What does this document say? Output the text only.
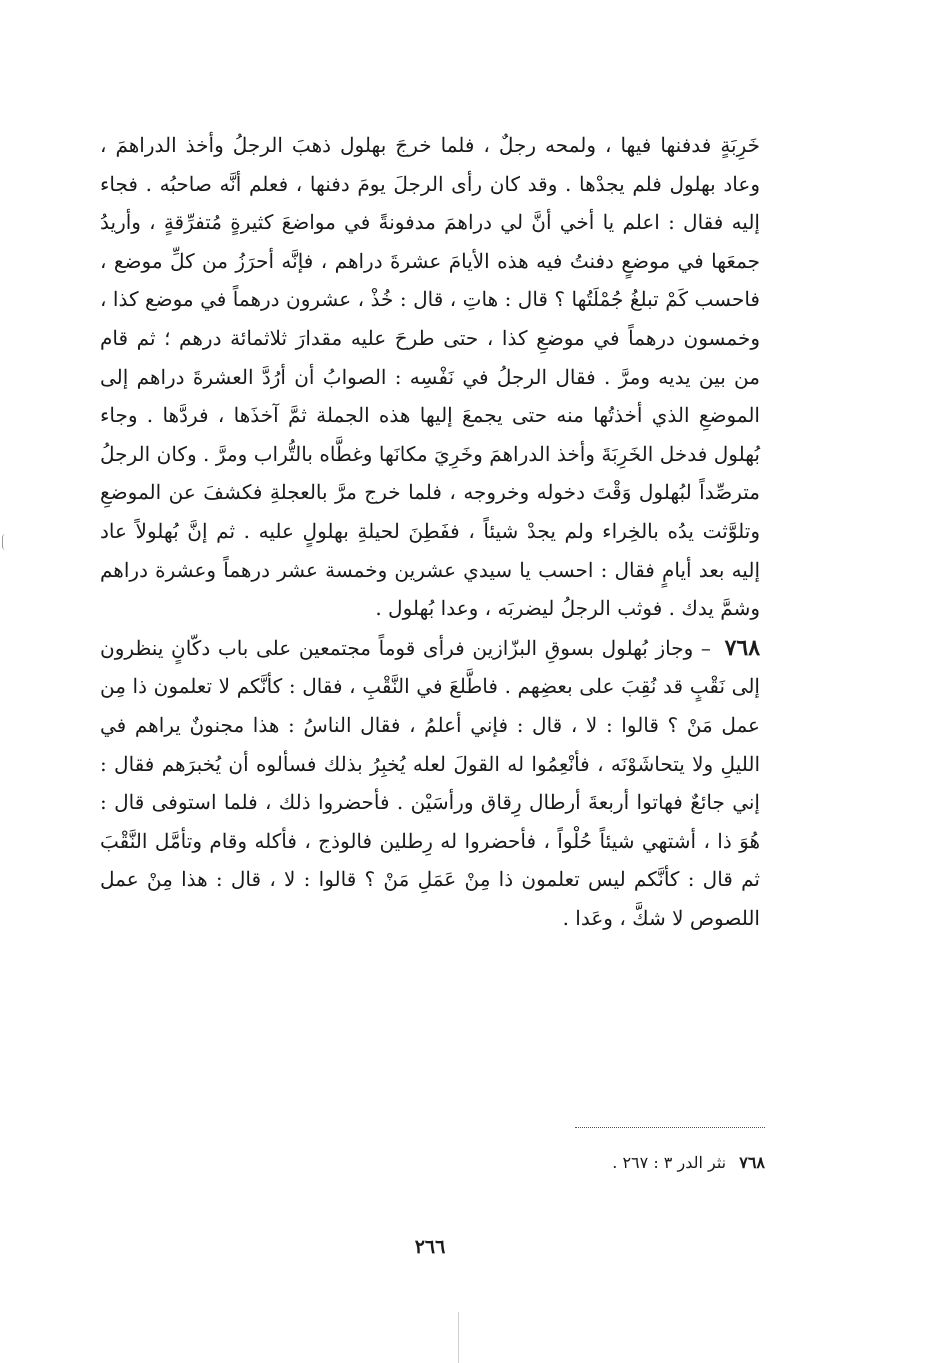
خَرِبَةٍ فدفنها فيها ، ولمحه رجلٌ ، فلما خرجَ بهلول ذهبَ الرجلُ وأخذ الدراهمَ ، وعاد بهلول فلم يجدْها . وقد كان رأى الرجلَ يومَ دفنها ، فعلم أنَّه صاحبُه . فجاء إليه فقال : اعلم يا أخي أنَّ لي دراهمَ مدفونةً في مواضعَ كثيرةٍ مُتفرِّقةٍ ، وأريدُ جمعَها في موضعٍ دفنتُ فيه هذه الأيامَ عشرةَ دراهم ، فإنَّه أحرَزُ من كلِّ موضع ، فاحسب كَمْ تبلغُ جُمْلَتُها ؟ قال : هاتِ ، قال : خُذْ ، عشرون درهماً في موضع كذا ، وخمسون درهماً في موضعِ كذا ، حتى طرحَ عليه مقدارَ ثلاثمائة درهم ؛ ثم قام من بين يديه ومرَّ . فقال الرجلُ في نَفْسِه : الصوابُ أن أرُدَّ العشرةَ دراهم إلى الموضعِ الذي أخذتُها منه حتى يجمعَ إليها هذه الجملة ثمَّ آخذَها ، فردَّها . وجاء بُهلول فدخل الخَرِبَةَ وأخذ الدراهمَ وخَرِيَ مكانَها وغطَّاه بالتُّراب ومرَّ . وكان الرجلُ مترصِّداً لبُهلول وَقْتَ دخوله وخروجه ، فلما خرج مرَّ بالعجلةِ فكشفَ عن الموضعِ وتلوَّثت يدُه بالخِراء ولم يجدْ شيئاً ، ففَطِنَ لحيلةِ بهلولٍ عليه . ثم إنَّ بُهلولاً عاد إليه بعد أيامٍ فقال : احسب يا سيدي عشرين وخمسة عشر درهماً وعشرة دراهم وشمَّ يدك . فوثب الرجلُ ليضربَه ، وعدا بُهلول .

٧٦٨ – وجاز بُهلول بسوقِ البزّازين فرأى قوماً مجتمعين على باب دكّانٍ ينظرون إلى نَقْبٍ قد نُقِبَ على بعضِهم . فاطَّلعَ في النَّقْبِ ، فقال : كأنَّكم لا تعلمون ذا مِن عمل مَنْ ؟ قالوا : لا ، قال : فإني أعلمُ ، فقال الناسُ : هذا مجنونٌ يراهم في الليلِ ولا يتحاشَوْنَه ، فأنْعِمُوا له القولَ لعله يُخبِرُ بذلك فسألوه أن يُخبرَهم فقال : إني جائعٌ فهاتوا أربعةَ أرطال رِقاق ورأسَيْن . فأحضروا ذلك ، فلما استوفى قال : هُوَ ذا ، أشتهي شيئاً حُلْواً ، فأحضروا له رِطلين فالوذج ، فأكله وقام وتأمَّل النَّقْبَ ثم قال : كأنَّكم ليس تعلمون ذا مِنْ عَمَلِ مَنْ ؟ قالوا : لا ، قال : هذا مِنْ عمل اللصوص لا شكَّ ، وعَدا .

٧٦٨ نثر الدر ٣ : ٢٦٧ .
٢٦٦
